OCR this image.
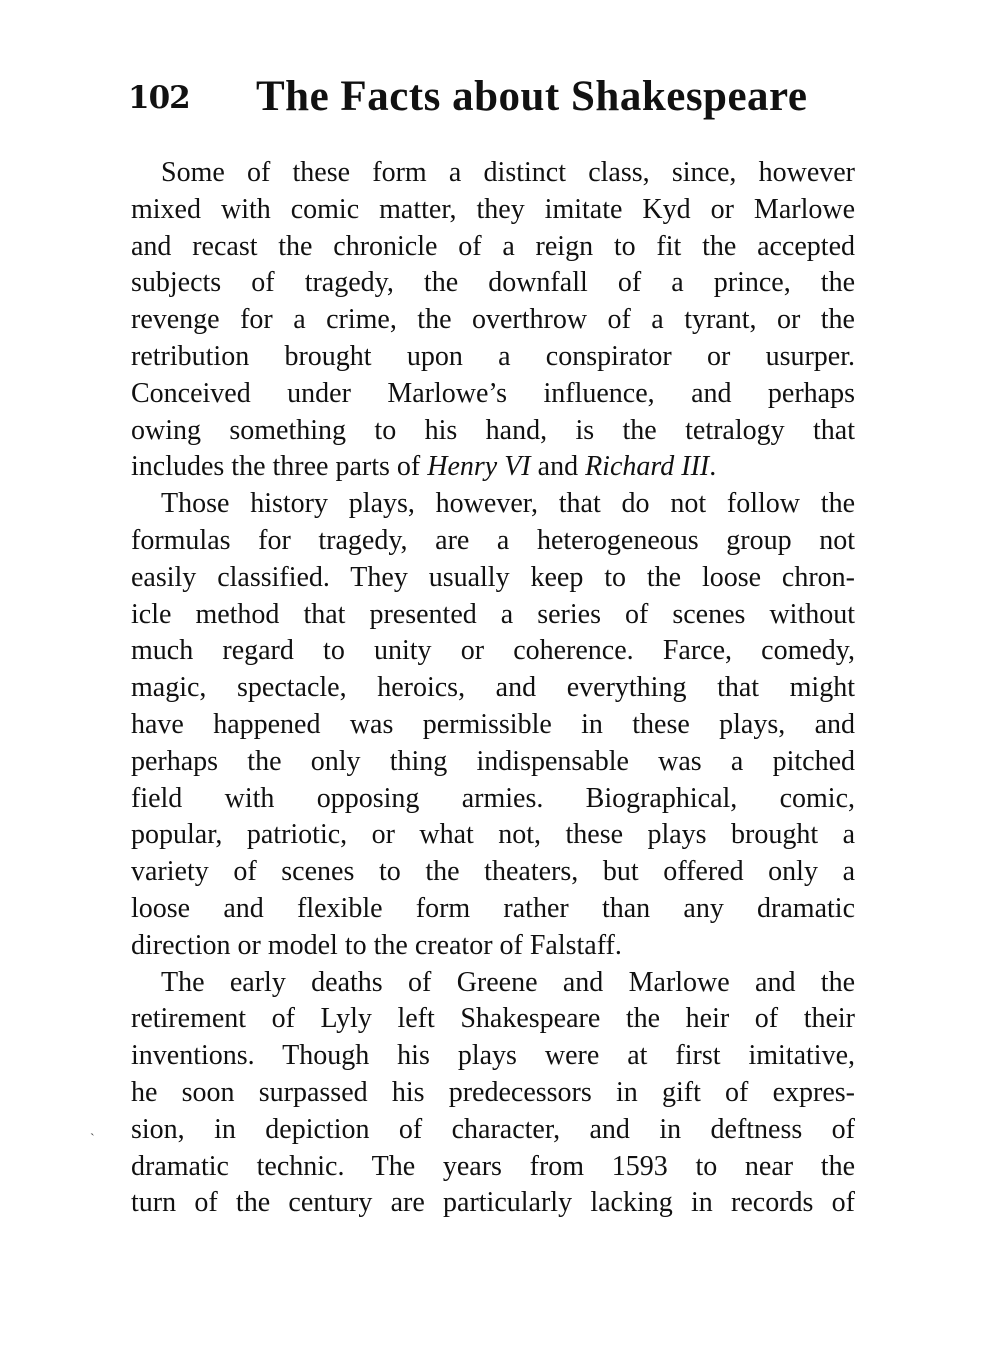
102 The Facts about Shakespeare
`
Some of these form a distinct class, since, however
mixed with comic matter, they imitate Kyd or Marlowe
and recast the chronicle of a reign to fit the accepted
subjects of tragedy, the downfall of a prince, the
revenge for a crime, the overthrow of a tyrant, or the
retribution brought upon a conspirator or usurper.
Conceived under Marlowe’s influence, and perhaps
owing something to his hand, is the tetralogy that
includes the three parts of Henry VI and Richard III.
Those history plays, however, that do not follow the
formulas for tragedy, are a heterogeneous group not
easily classified. They usually keep to the loose chron-
icle method that presented a series of scenes without
much regard to unity or coherence. Farce, comedy,
magic, spectacle, heroics, and everything that might
have happened was permissible in these plays, and
perhaps the only thing indispensable was a pitched
field with opposing armies. Biographical, comic,
popular, patriotic, or what not, these plays brought a
variety of scenes to the theaters, but offered only a
loose and flexible form rather than any dramatic
direction or model to the creator of Falstaff.
The early deaths of Greene and Marlowe and the
retirement of Lyly left Shakespeare the heir of their
inventions. Though his plays were at first imitative,
he soon surpassed his predecessors in gift of expres-
sion, in depiction of character, and in deftness of
dramatic technic. The years from 1593 to near the
turn of the century are particularly lacking in records of
